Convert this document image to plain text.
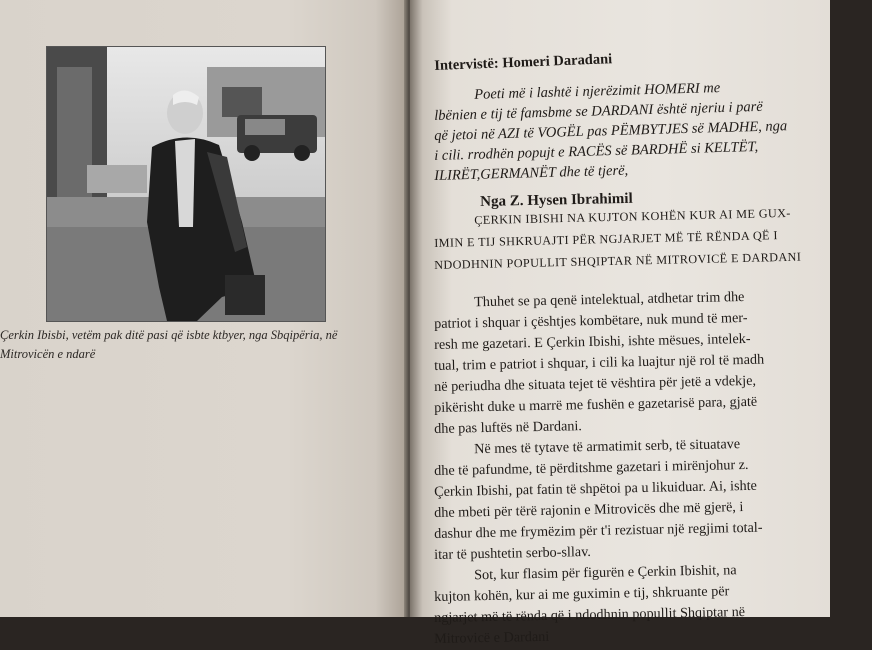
Çerkin Ibisbi, vetëm pak ditë pasi që isbte ktbyer, nga Sbqipëria, në
Mitrovicën e ndarë
Intervistë: Homeri Daradani
Poeti më i lashtë i njerëzimit HOMERI me
lbënien e tij të famsbme se DARDANI është njeriu i parë
që jetoi në AZI të VOGËL pas PËMBYTJES së MADHE, nga
i cili. rrodhën popujt e RACËS së BARDHË si KELTËT,
ILIRËT,GERMANËT dhe të tjerë,
Nga Z. Hysen Ibrahimil
ÇERKIN IBISHI NA KUJTON KOHËN KUR AI ME GUX-
IMIN E TIJ SHKRUAJTI PËR NGJARJET MË TË RËNDA QË I
NDODHNIN POPULLIT SHQIPTAR NË MITROVICË E DARDANI
Thuhet se pa qenë intelektual, atdhetar trim dhe
patriot i shquar i çështjes kombëtare, nuk mund të mer-
resh me gazetari. E Çerkin Ibishi, ishte mësues, intelek-
tual, trim e patriot i shquar, i cili ka luajtur një rol të madh
në periudha dhe situata tejet të vështira për jetë a vdekje,
pikërisht duke u marrë me fushën e gazetarisë para, gjatë
dhe pas luftës në Dardani.
Në mes të tytave të armatimit serb, të situatave
dhe të pafundme, të përditshme gazetari i mirënjohur z.
Çerkin Ibishi, pat fatin të shpëtoi pa u likuiduar. Ai, ishte
dhe mbeti për tërë rajonin e Mitrovicës dhe më gjerë, i
dashur dhe me frymëzim për t'i rezistuar një regjimi total-
itar të pushtetin serbo-sllav.
Sot, kur flasim për figurën e Çerkin Ibishit, na
kujton kohën, kur ai me guximin e tij, shkruante për
ngjarjet më të rënda që i ndodhnin popullit Shqiptar në
Mitrovicë e Dardani
